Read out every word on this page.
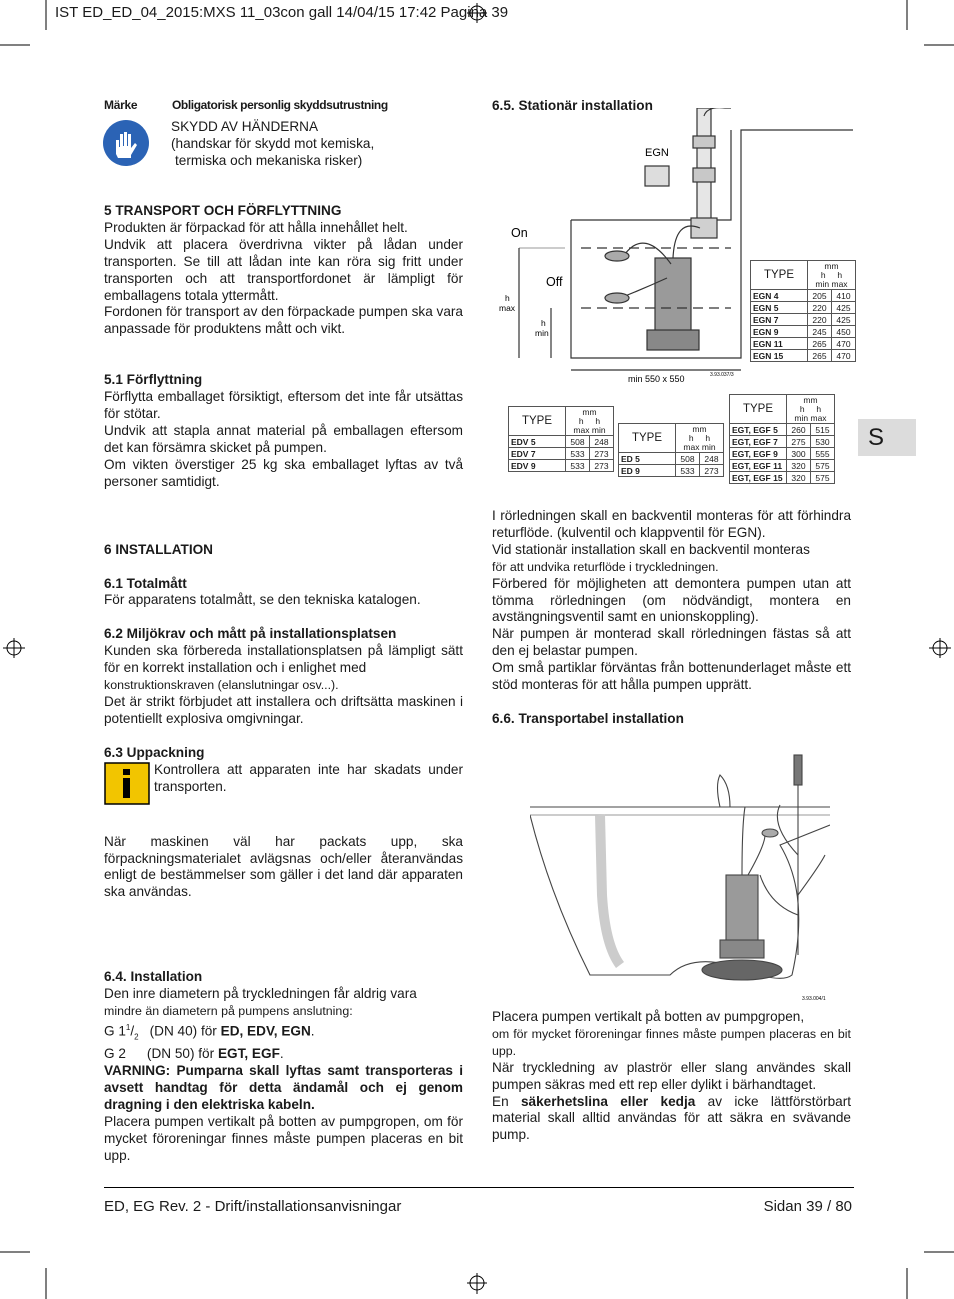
IST ED_ED_04_2015:MXS 11_03con gall 14/04/15 17:42 Pagina 39
Märke	Obligatorisk personlig skyddsutrustning
SKYDD AV HÄNDERNA
(handskar för skydd mot kemiska,
termiska och mekaniska risker)
5 TRANSPORT OCH FÖRFLYTTNING

Produkten är förpackad för att hålla innehållet helt.

Undvik att placera överdrivna vikter på lådan under transporten. Se till att lådan inte kan röra sig fritt under transporten och att transportfordonet är lämpligt för emballagens totala yttermått.

Fordonen för transport av den förpackade pumpen ska vara anpassade för produktens mått och vikt.

5.1 Förflyttning

Förflytta emballaget försiktigt, eftersom det inte får utsättas för stötar.

Undvik att stapla annat material på emballagen eftersom det kan försämra skicket på pumpen.

Om vikten överstiger 25 kg ska emballaget lyftas av två personer samtidigt.

6 INSTALLATION
6.1 Totalmått

För apparatens totalmått, se den tekniska katalogen.

6.2 Miljökrav och mått på installationsplatsen

Kunden ska förbereda installationsplatsen på lämpligt sätt för en korrekt installation och i enlighet med

konstruktionskraven (elanslutningar osv...).

Det är strikt förbjudet att installera och driftsätta maskinen i potentiellt explosiva omgivningar.

6.3 Uppackning

Kontrollera att apparaten inte har skadats under transporten.

När maskinen väl har packats upp, ska förpackningsmaterialet avlägsnas och/eller återanvändas enligt de bestämmelser som gäller i det land där apparaten ska användas.

6.4. Installation

Den inre diametern på tryckledningen får aldrig vara

mindre än diametern på pumpens anslutning:

G $1^1/_2$ (DN 40) för ED, EDV, EGN.

G 2 (DN 50) för EGT, EGF.

VARNING: Pumparna skall lyftas samt transporteras i avsett handtag för detta ändamål och ej genom dragning i den elektriska kabeln.

Placera pumpen vertikalt på botten av pumpgropen, om för mycket föroreningar finnes måste pumpen placeras en bit upp.

6.5. Stationär installation
EGN
On
Off
h max
h min
min 550 x 550	3.93.037/3
TYPE	mm
h h
min max	

EGN 4	205	410
EGN 5	220	425
EGN 7	220	425
EGN 9	245	450
EGN 11	265	470
EGN 15	265	470
TYPE	mm
h h
max min	

EDV 5	508	248
EDV 7	533	273
EDV 9	533	273
TYPE	mm
h h
max min	

ED 5	508	248
ED 9	533	273
TYPE	mm
h h
min max	

EGT, EGF 5	260	515
EGT, EGF 7	275	530
EGT, EGF 9	300	555
EGT, EGF 11	320	575
EGT, EGF 15	320	575
S

I rörledningen skall en backventil monteras för att förhindra returflöde. (kulventil och klappventil för EGN).

Vid stationär installation skall en backventil monteras

för att undvika returflöde i tryckledningen.

Förbered för möjligheten att demontera pumpen utan att tömma rörledningen (om nödvändigt, montera en avstängningsventil samt en unionskoppling).

När pumpen är monterad skall rörledningen fästas så att den ej belastar pumpen.

Om små partiklar förväntas från bottenunderlaget måste ett stöd monteras för att hålla pumpen upprätt.

6.6. Transportabel installation
3.93.004/1

Placera pumpen vertikalt på botten av pumpgropen,

om för mycket föroreningar finnes måste pumpen placeras en bit upp.

När tryckledning av plaströr eller slang användes skall pumpen säkras med ett rep eller dylikt i bärhandtaget.

En säkerhetslina eller kedja av icke lättförstörbart material skall alltid användas för att säkra en svävande pump.

ED, EG Rev. 2 - Drift/installationsanvisningar	Sidan 39 / 80
